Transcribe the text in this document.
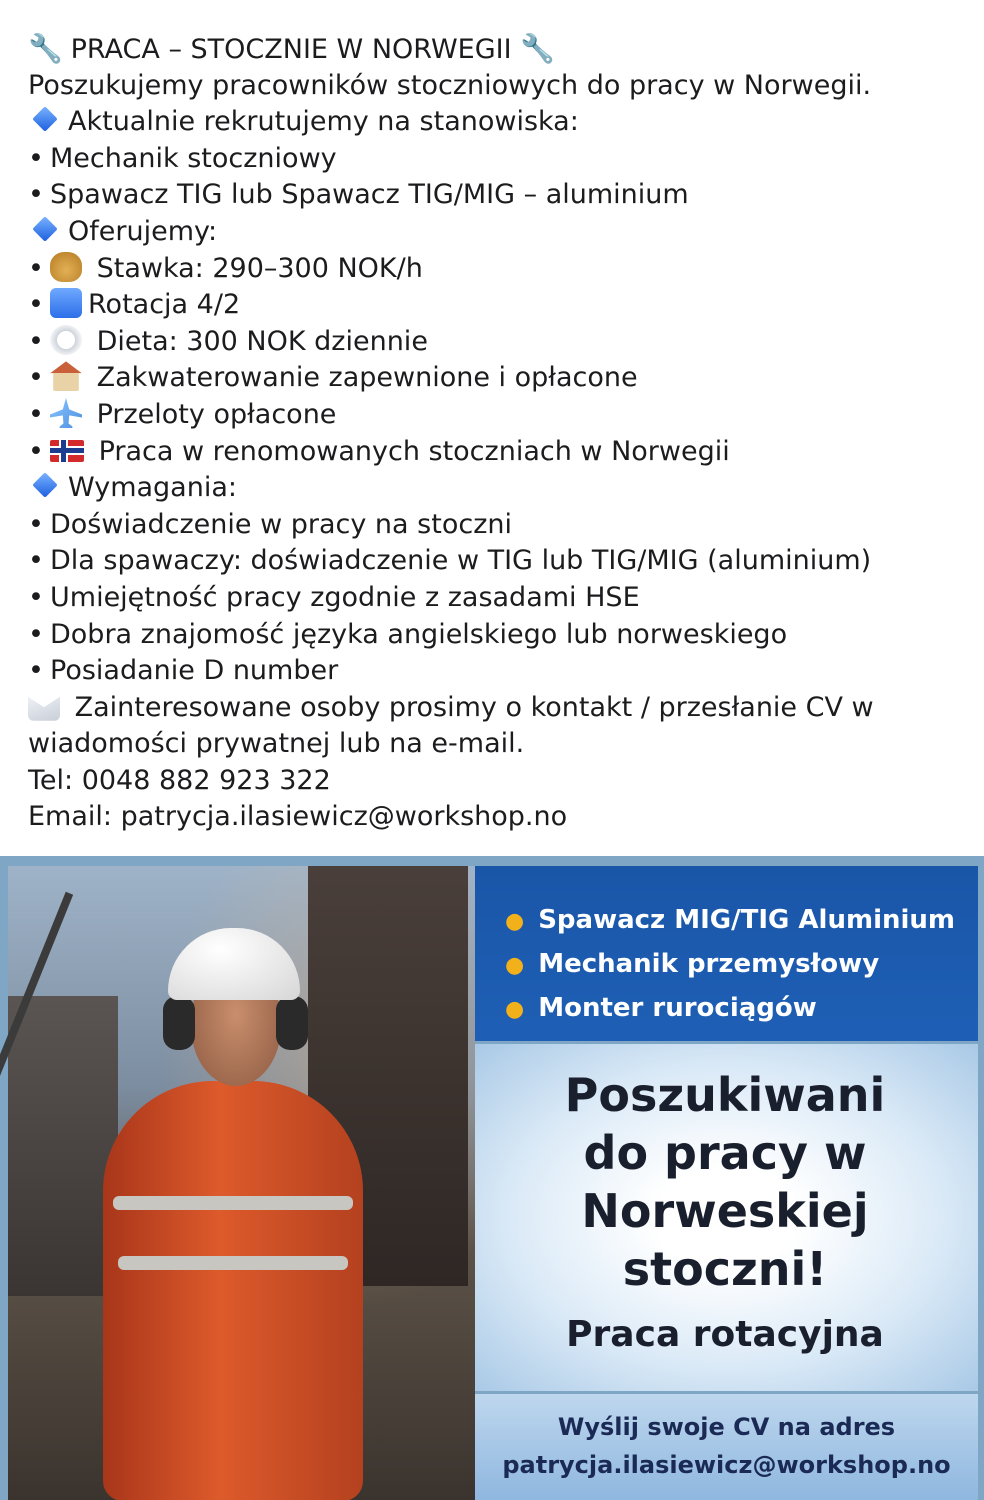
🔧 PRACA – STOCZNIE W NORWEGII 🔧
Poszukujemy pracowników stoczniowych do pracy w Norwegii.
Aktualnie rekrutujemy na stanowiska:
• Mechanik stoczniowy
• Spawacz TIG lub Spawacz TIG/MIG – aluminium
Oferujemy:
• Stawka: 290–300 NOK/h
• Rotacja 4/2
• Dieta: 300 NOK dziennie
• Zakwaterowanie zapewnione i opłacone
• Przeloty opłacone
• Praca w renomowanych stoczniach w Norwegii
Wymagania:
• Doświadczenie w pracy na stoczni
• Dla spawaczy: doświadczenie w TIG lub TIG/MIG (aluminium)
• Umiejętność pracy zgodnie z zasadami HSE
• Dobra znajomość języka angielskiego lub norweskiego
• Posiadanie D number
Zainteresowane osoby prosimy o kontakt / przesłanie CV w wiadomości prywatnej lub na e-mail.
Tel: 0048 882 923 322
Email: patrycja.ilasiewicz@workshop.no
● Spawacz MIG/TIG Aluminium
● Mechanik przemysłowy
● Monter rurociągów
Poszukiwani
do pracy w
Norweskiej
stoczni!
Praca rotacyjna
Wyślij swoje CV na adres
patrycja.ilasiewicz@workshop.no
